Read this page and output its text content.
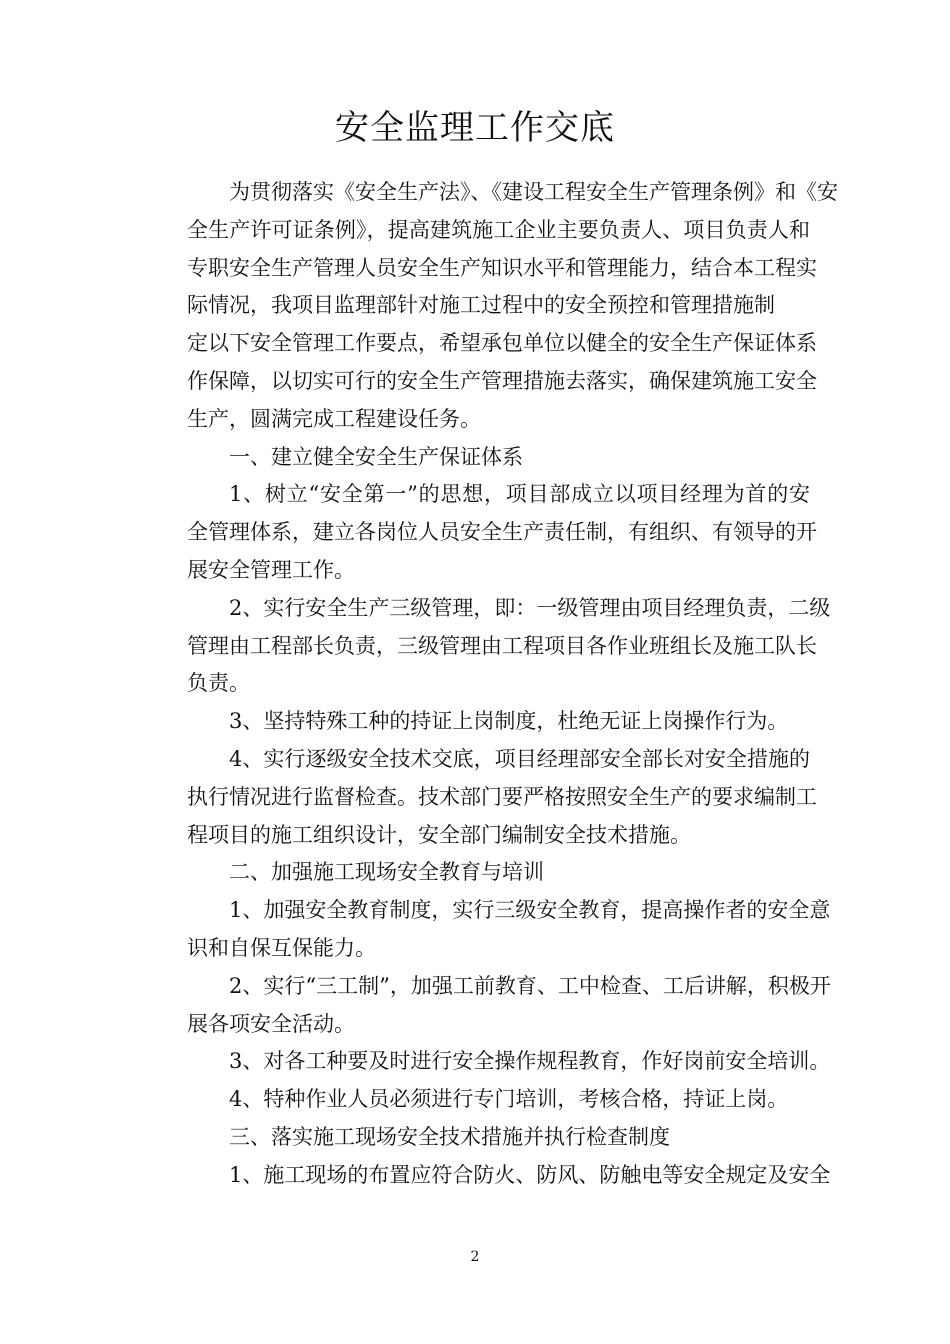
安全监理工作交底
为贯彻落实《安全生产法》、《建设工程安全生产管理条例》和《安
全生产许可证条例》，提高建筑施工企业主要负责人、项目负责人和
专职安全生产管理人员安全生产知识水平和管理能力，结合本工程实
际情况，我项目监理部针对施工过程中的安全预控和管理措施制
定以下安全管理工作要点，希望承包单位以健全的安全生产保证体系
作保障，以切实可行的安全生产管理措施去落实，确保建筑施工安全
生产，圆满完成工程建设任务。
一、建立健全安全生产保证体系
1、树立“安全第一”的思想，项目部成立以项目经理为首的安
全管理体系，建立各岗位人员安全生产责任制，有组织、有领导的开
展安全管理工作。
2、实行安全生产三级管理，即：一级管理由项目经理负责，二级
管理由工程部长负责，三级管理由工程项目各作业班组长及施工队长
负责。
3、坚持特殊工种的持证上岗制度，杜绝无证上岗操作行为。
4、实行逐级安全技术交底，项目经理部安全部长对安全措施的
执行情况进行监督检查。技术部门要严格按照安全生产的要求编制工
程项目的施工组织设计，安全部门编制安全技术措施。
二、加强施工现场安全教育与培训
1、加强安全教育制度，实行三级安全教育，提高操作者的安全意
识和自保互保能力。
2、实行“三工制”，加强工前教育、工中检查、工后讲解，积极开
展各项安全活动。
3、对各工种要及时进行安全操作规程教育，作好岗前安全培训。
4、特种作业人员必须进行专门培训，考核合格，持证上岗。
三、落实施工现场安全技术措施并执行检查制度
1、施工现场的布置应符合防火、防风、防触电等安全规定及安全
2
